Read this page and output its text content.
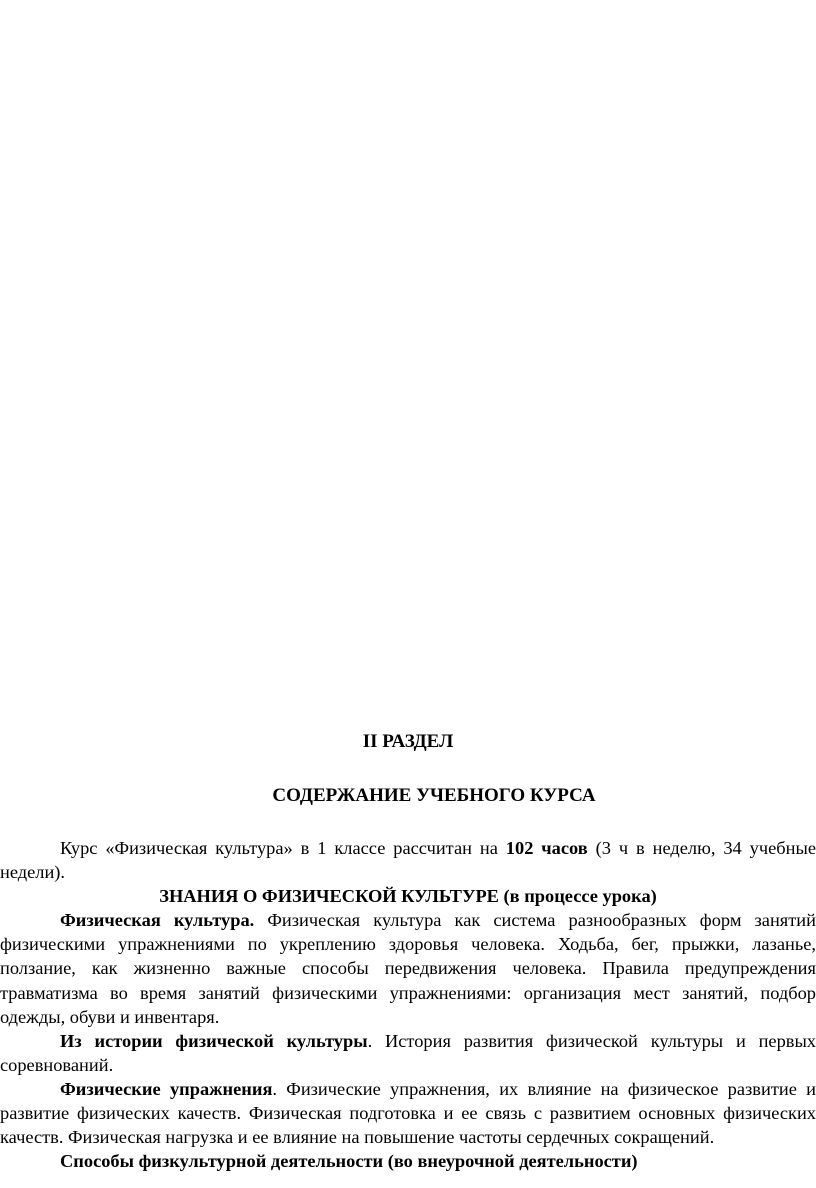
II РАЗДЕЛ
СОДЕРЖАНИЕ УЧЕБНОГО КУРСА

Курс «Физическая культура» в 1 классе рассчитан на 102 часов (3 ч в неделю, 34 учебные недели).

ЗНАНИЯ О ФИЗИЧЕСКОЙ КУЛЬТУРЕ (в процессе урока)

Физическая культура. Физическая культура как система разнообразных форм занятий физическими упражнениями по укреплению здоровья человека. Ходьба, бег, прыжки, лазанье, ползание, как жизненно важные способы передвижения человека. Правила предупреждения травматизма во время занятий физическими упражнениями: организация мест занятий, подбор одежды, обуви и инвентаря.

Из истории физической культуры. История развития физической культуры и первых соревнований.

Физические упражнения. Физические упражнения, их влияние на физическое развитие и развитие физических качеств. Физическая подготовка и ее связь с развитием основных физических качеств. Физическая нагрузка и ее влияние на повышение частоты сердечных сокращений.

Способы физкультурной деятельности (во внеурочной деятельности)
